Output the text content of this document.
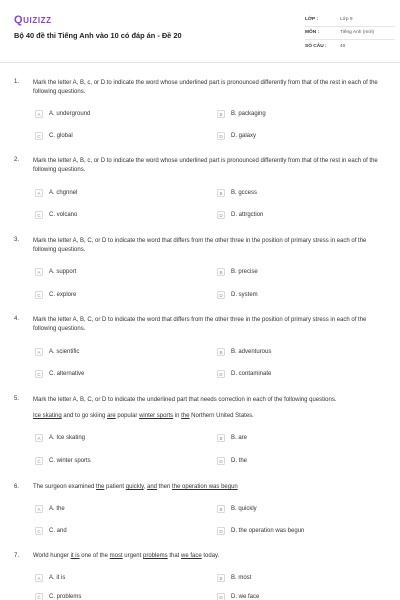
Quizizz
Bộ 40 đề thi Tiếng Anh vào 10 có đáp án - Đề 20
LỚP :	Lớp 9
MÔN :	Tiếng Anh (mới)
SỐ CÂU :	40
1. Mark the letter A, B, c, or D to indicate the word whose underlined part is pronounced differently from that of the rest in each of the following questions.
A	A. underground	B	B. packaging
C	C. global	D	D. galaxy
2. Mark the letter A, B, c, or D to indicate the word whose underlined part is pronounced differently from that of the rest in each of the following questions.
A	A. chgnnel	B	B. gccess
C	C. volcano	D	D. attrgction
3. Mark the letter A, B, C, or D to indicate the word that differs from the other three in the position of primary stress in each of the following questions.
A	A. support	B	B. precise
C	C. explore	D	D. system
4. Mark the letter A, B, C, or D to indicate the word that differs from the other three in the position of primary stress in each of the following questions.
A	A. scientific	B	B. adventurous
C	C. alternative	D	D. contaminate
5. Mark the letter A, B, C, or D to indicate the underlined part that needs correction in each of the following questions.
Ice skating and to go skiing are popular winter sports in the Northern United States.
A	A. Ice skating	B	B. are
C	C. winter sports	D	D. the
6. The surgeon examined the patient quickly, and then the operation was begun
A	A. the	B	B. quickly
C	C. and	D	D. the operation was begun
7. World hunger it is one of the most urgent problems that we face today.
A	A. it is	B	B. most
C	C. problems	D	D. we face
